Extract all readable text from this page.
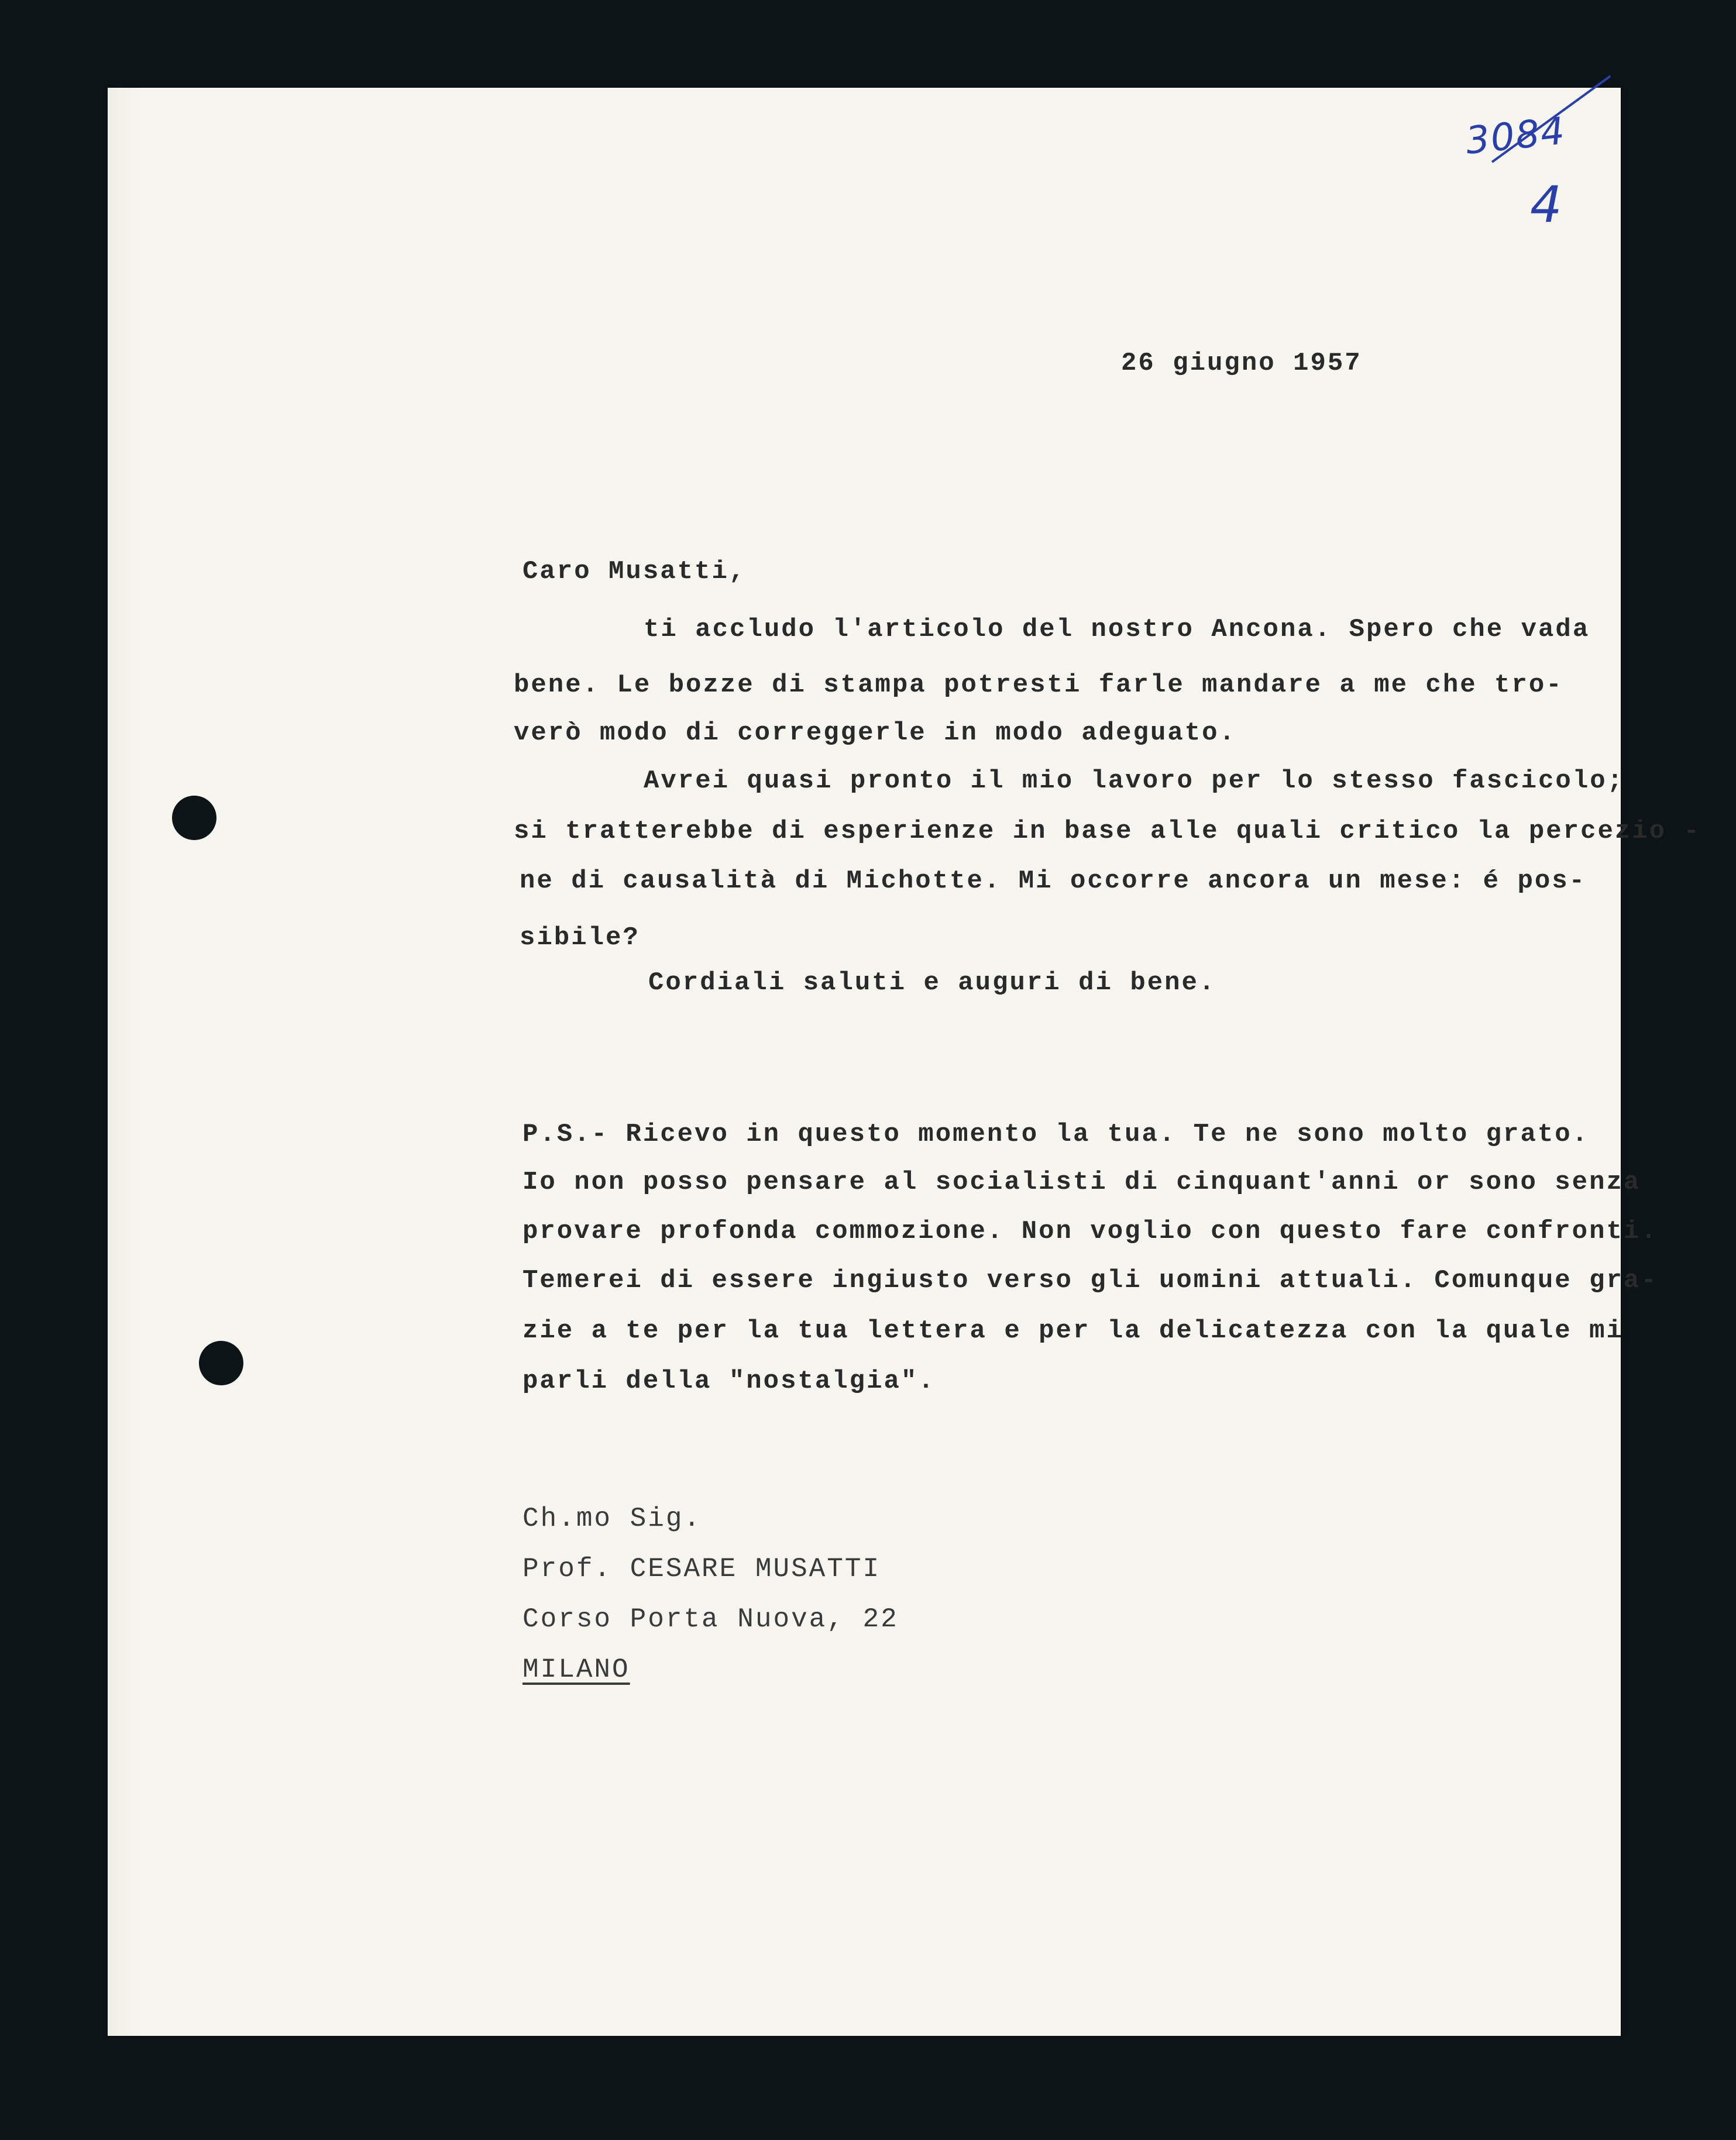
3084
4
26 giugno 1957
Caro Musatti,
ti accludo l'articolo del nostro Ancona. Spero che vada
bene. Le bozze di stampa potresti farle mandare a me che tro-
verò modo di correggerle in modo adeguato.
Avrei quasi pronto il mio lavoro per lo stesso fascicolo;
si tratterebbe di esperienze in base alle quali critico la percezio -
ne di causalità di Michotte. Mi occorre ancora un mese: é pos-
sibile?
Cordiali saluti e auguri di bene.
P.S.- Ricevo in questo momento la tua. Te ne sono molto grato.
Io non posso pensare al socialisti di cinquant'anni or sono senza
provare profonda commozione. Non voglio con questo fare confronti.
Temerei di essere ingiusto verso gli uomini attuali. Comunque gra-
zie a te per la tua lettera e per la delicatezza con la quale mi
parli della "nostalgia".
Ch.mo Sig.
Prof. CESARE MUSATTI
Corso Porta Nuova, 22
MILANO
